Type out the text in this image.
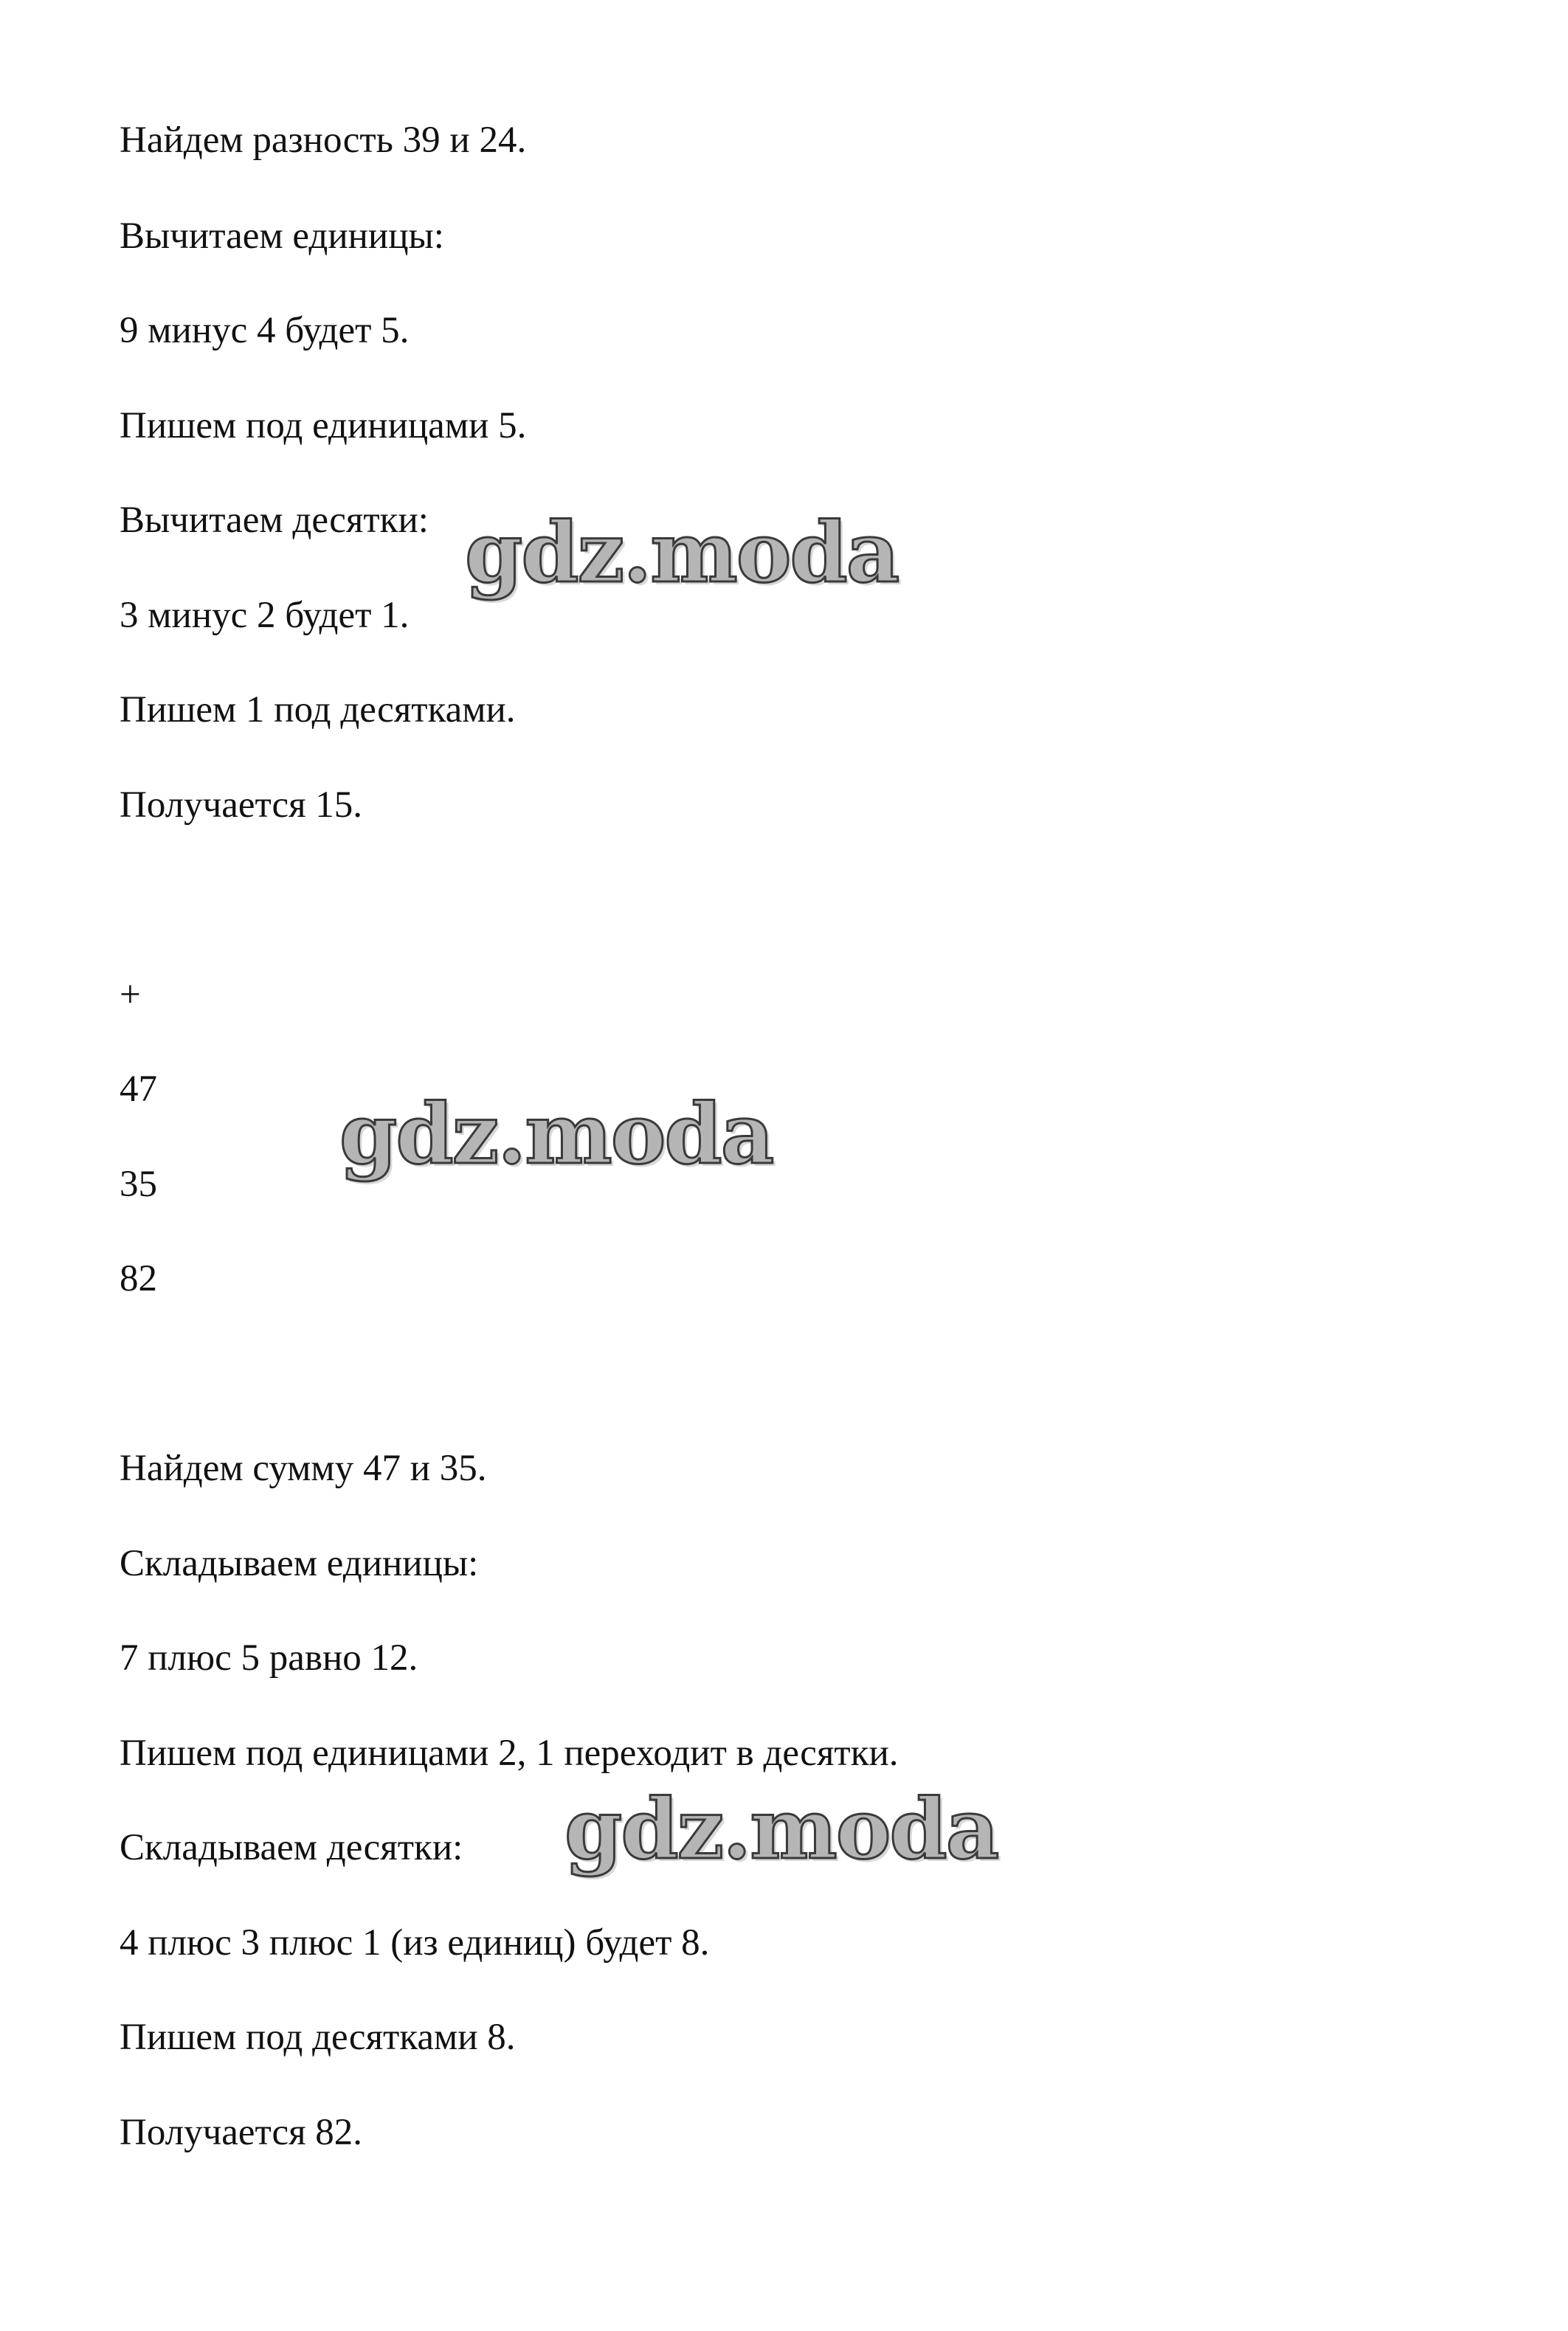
Найдем разность 39 и 24.
Вычитаем единицы:
9 минус 4 будет 5.
Пишем под единицами 5.
Вычитаем десятки:
3 минус 2 будет 1.
Пишем 1 под десятками.
Получается 15.
+
47
35
82
Найдем сумму 47 и 35.
Складываем единицы:
7 плюс 5 равно 12.
Пишем под единицами 2, 1 переходит в десятки.
Складываем десятки:
4 плюс 3 плюс 1 (из единиц) будет 8.
Пишем под десятками 8.
Получается 82.
gdz.moda
gdz.moda
gdz.moda
